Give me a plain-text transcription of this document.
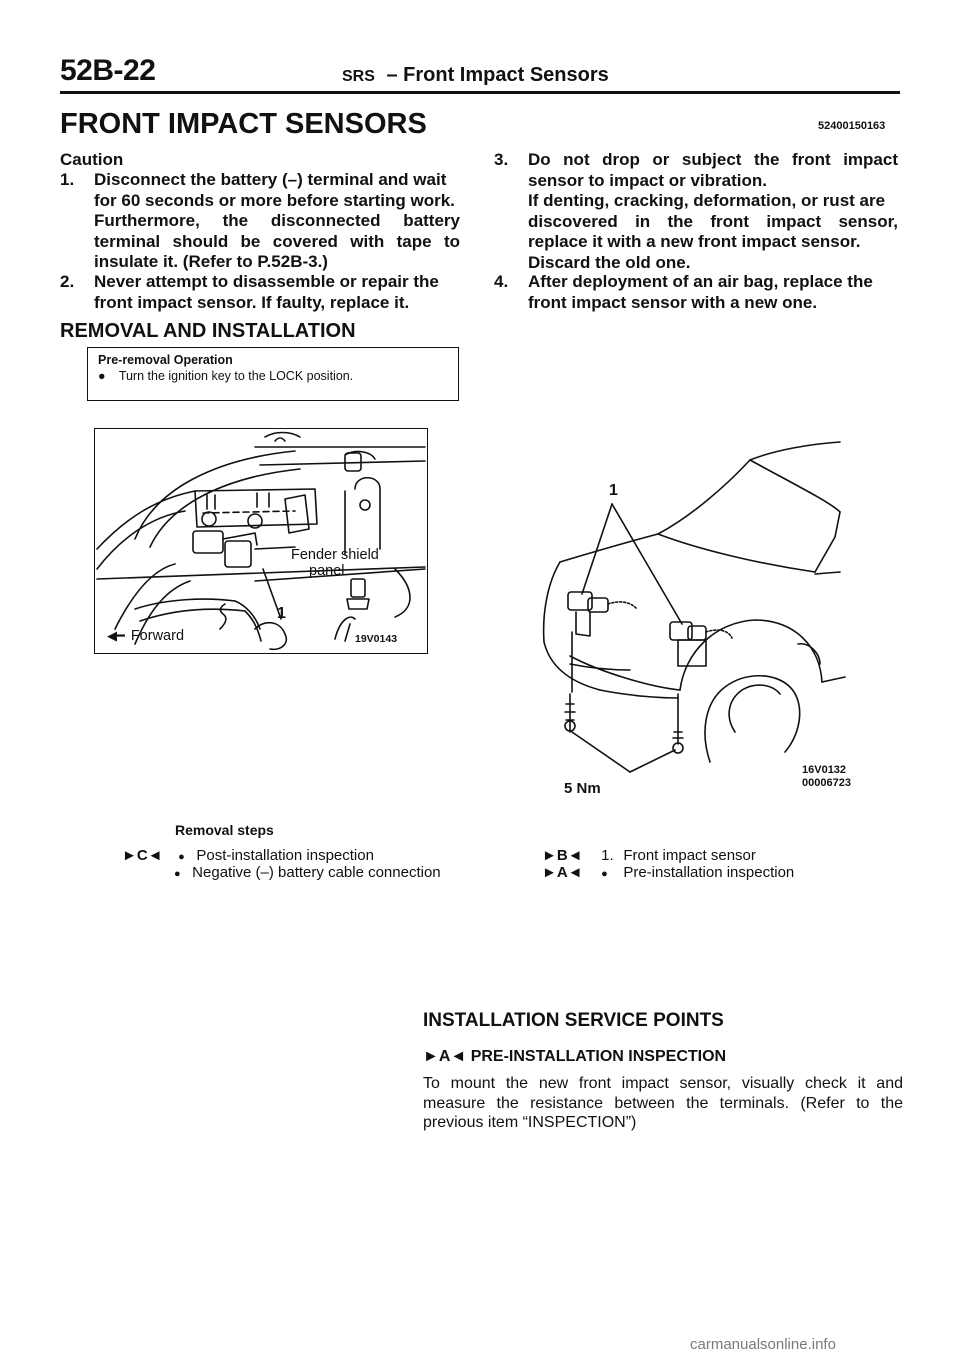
52B-22	SRS – Front Impact Sensors
FRONT IMPACT SENSORS	52400150163
Caution
1. Disconnect the battery (–) terminal and wait

for 60 seconds or more before starting work.

Furthermore, the disconnected battery

terminal should be covered with tape to

insulate it. (Refer to P.52B-3.)

2. Never attempt to disassemble or repair the

front impact sensor. If faulty, replace it.

3. Do not drop or subject the front impact

sensor to impact or vibration.

If denting, cracking, deformation, or rust are

discovered in the front impact sensor,

replace it with a new front impact sensor.

Discard the old one.

4. After deployment of an air bag, replace the

front impact sensor with a new one.

REMOVAL AND INSTALLATION
Pre-removal Operation
● Turn the ignition key to the LOCK position.
Fender shield
panel
1
◀━ Forward	19V0143
1
5 Nm
16V0132
00006723
Removal steps
►C◄ ● Post-installation inspection
● Negative (–) battery cable connection
►B◄ 1. Front impact sensor
►A◄ ● Pre-installation inspection
INSTALLATION SERVICE POINTS
►A◄ PRE-INSTALLATION INSPECTION
To mount the new front impact sensor, visually check it and measure the resistance between the terminals. (Refer to the previous item “INSPECTION”)
carmanualsonline.info
